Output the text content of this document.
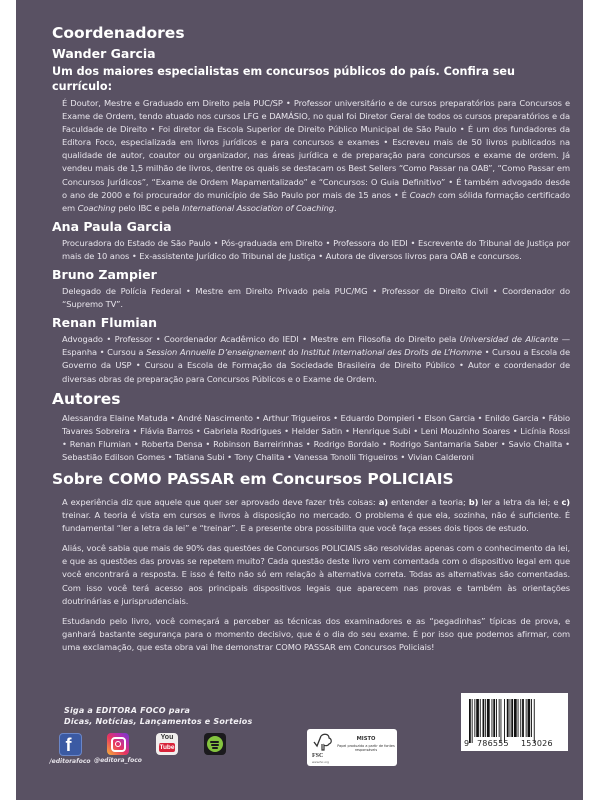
Coordenadores
Wander Garcia
Um dos maiores especialistas em concursos públicos do país. Confira seu currículo:

É Doutor, Mestre e Graduado em Direito pela PUC/SP • Professor universitário e de cursos preparatórios para Concursos e Exame de Ordem, tendo atuado nos cursos LFG e DAMÁSIO, no qual foi Diretor Geral de todos os cursos preparatórios e da Faculdade de Direito • Foi diretor da Escola Superior de Direito Público Municipal de São Paulo • É um dos fundadores da Editora Foco, especializada em livros jurídicos e para concursos e exames • Escreveu mais de 50 livros publicados na qualidade de autor, coautor ou organizador, nas áreas jurídica e de preparação para concursos e exame de ordem. Já vendeu mais de 1,5 milhão de livros, dentre os quais se destacam os Best Sellers “Como Passar na OAB”, “Como Passar em Concursos Jurídicos”, “Exame de Ordem Mapamentalizado” e “Concursos: O Guia Definitivo” • É também advogado desde o ano de 2000 e foi procurador do município de São Paulo por mais de 15 anos • É Coach com sólida formação certificado em Coaching pelo IBC e pela International Association of Coaching.

Ana Paula Garcia

Procuradora do Estado de São Paulo • Pós-graduada em Direito • Professora do IEDI • Escrevente do Tribunal de Justiça por mais de 10 anos • Ex-assistente Jurídico do Tribunal de Justiça • Autora de diversos livros para OAB e concursos.

Bruno Zampier

Delegado de Polícia Federal • Mestre em Direito Privado pela PUC/MG • Professor de Direito Civil • Coordenador do “Supremo TV”.

Renan Flumian

Advogado • Professor • Coordenador Acadêmico do IEDI • Mestre em Filosofia do Direito pela Universidad de Alicante — Espanha • Cursou a Session Annuelle D’enseignement do Institut International des Droits de L’Homme • Cursou a Escola de Governo da USP • Cursou a Escola de Formação da Sociedade Brasileira de Direito Público • Autor e coordenador de diversas obras de preparação para Concursos Públicos e o Exame de Ordem.

Autores

Alessandra Elaine Matuda • André Nascimento • Arthur Trigueiros • Eduardo Dompieri • Elson Garcia • Enildo Garcia • Fábio Tavares Sobreira • Flávia Barros • Gabriela Rodrigues • Helder Satin • Henrique Subi • Leni Mouzinho Soares • Licínia Rossi • Renan Flumian • Roberta Densa • Robinson Barreirinhas • Rodrigo Bordalo • Rodrigo Santamaria Saber • Savio Chalita • Sebastião Edilson Gomes • Tatiana Subi • Tony Chalita • Vanessa Tonolli Trigueiros • Vivian Calderoni

Sobre COMO PASSAR em Concursos POLICIAIS

A experiência diz que aquele que quer ser aprovado deve fazer três coisas: a) entender a teoria; b) ler a letra da lei; e c) treinar. A teoria é vista em cursos e livros à disposição no mercado. O problema é que ela, sozinha, não é suficiente. É fundamental “ler a letra da lei” e “treinar”. E a presente obra possibilita que você faça esses dois tipos de estudo.

Aliás, você sabia que mais de 90% das questões de Concursos POLICIAIS são resolvidas apenas com o conhecimento da lei, e que as questões das provas se repetem muito? Cada questão deste livro vem comentada com o dispositivo legal em que você encontrará a resposta. E isso é feito não só em relação à alternativa correta. Todas as alternativas são comentadas. Com isso você terá acesso aos principais dispositivos legais que aparecem nas provas e também às orientações doutrinárias e jurisprudenciais.

Estudando pelo livro, você começará a perceber as técnicas dos examinadores e as “pegadinhas” típicas de prova, e ganhará bastante segurança para o momento decisivo, que é o dia do seu exame. É por isso que podemos afirmar, com uma exclamação, que esta obra vai lhe demonstrar COMO PASSAR em Concursos Policiais!

Siga a EDITORA FOCO para
Dicas, Notícias, Lançamentos e Sorteios
f
/editorafoco @editora_foco
You
Tube
FSC
www.fsc.org
MISTO
Papel produzido a partir de fontes responsáveis
9 786555 153026
